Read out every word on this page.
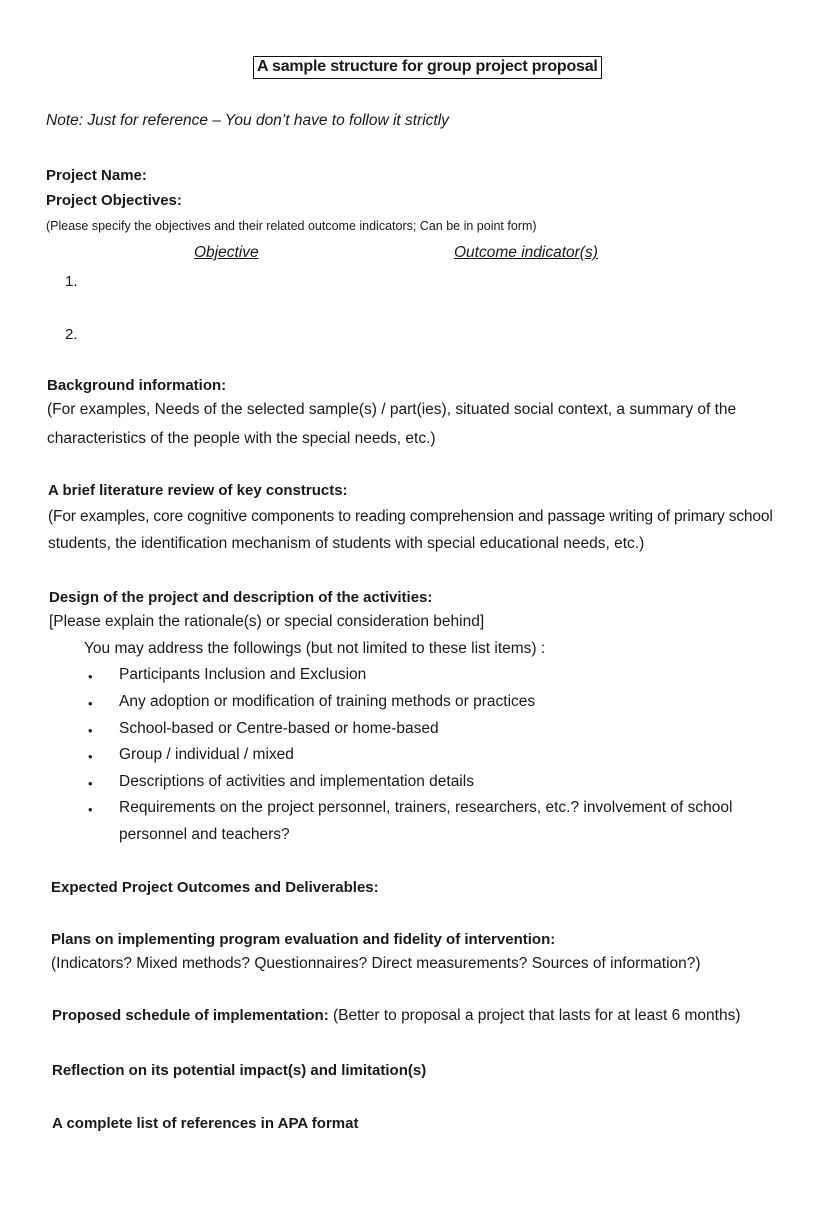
A sample structure for group project proposal
Note: Just for reference – You don’t have to follow it strictly
Project Name:
Project Objectives:
(Please specify the objectives and their related outcome indicators; Can be in point form)
Objective	Outcome indicator(s)
1.
2.
Background information:
(For examples, Needs of the selected sample(s) / part(ies), situated social context, a summary of the
characteristics of the people with the special needs, etc.)
A brief literature review of key constructs:
(For examples, core cognitive components to reading comprehension and passage writing of primary school
students, the identification mechanism of students with special educational needs, etc.)
Design of the project and description of the activities:
[Please explain the rationale(s) or special consideration behind]
You may address the followings (but not limited to these list items) :
• Participants Inclusion and Exclusion
• Any adoption or modification of training methods or practices
• School-based or Centre-based or home-based
• Group / individual / mixed
• Descriptions of activities and implementation details
• Requirements on the project personnel, trainers, researchers, etc.? involvement of school
personnel and teachers?
Expected Project Outcomes and Deliverables:
Plans on implementing program evaluation and fidelity of intervention:
(Indicators? Mixed methods? Questionnaires? Direct measurements? Sources of information?)
Proposed schedule of implementation: (Better to proposal a project that lasts for at least 6 months)
Reflection on its potential impact(s) and limitation(s)
A complete list of references in APA format
